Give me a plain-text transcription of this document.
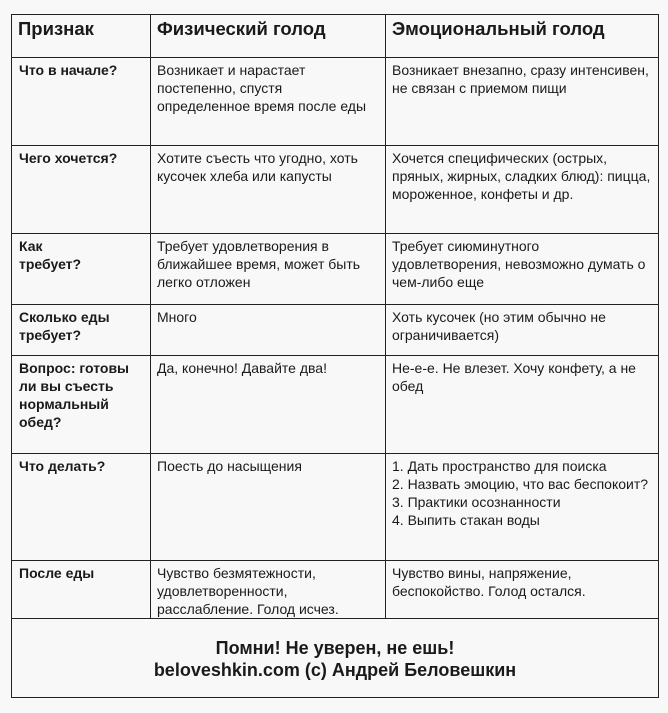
Признак	Физический голод	Эмоциональный голод
Что в начале?	Возникает и нарастает постепенно, спустя определенное время после еды	Возникает внезапно, сразу интенсивен, не связан с приемом пищи
Чего хочется?	Хотите съесть что угодно, хоть кусочек хлеба или капусты	Хочется специфических (острых, пряных, жирных, сладких блюд): пицца, мороженное, конфеты и др.
Как требует?	Требует удовлетворения в ближайшее время, может быть легко отложен	Требует сиюминутного удовлетворения, невозможно думать о чем-либо еще
Сколько еды требует?	Много	Хоть кусочек (но этим обычно не ограничивается)
Вопрос: готовы ли вы съесть нормальный обед?	Да, конечно! Давайте два!	Не-е-е. Не влезет. Хочу конфету, а не обед
Что делать?	Поесть до насыщения	1. Дать пространство для поиска
2. Назвать эмоцию, что вас беспокоит?
3. Практики осознанности
4. Выпить стакан воды

После еды	Чувство безмятежности, удовлетворенности, расслабление. Голод исчез.	Чувство вины, напряжение, беспокойство. Голод остался.

Помни! Не уверен, не ешь!
beloveshkin.com (c) Андрей Беловешкин		
